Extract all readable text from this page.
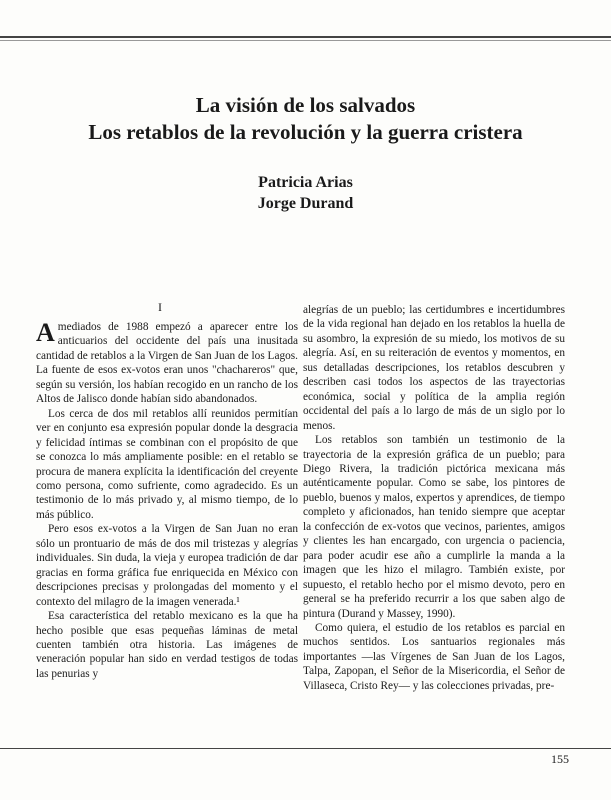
La visión de los salvados

Los retablos de la revolución y la guerra cristera

Patricia Arias
Jorge Durand
I

A mediados de 1988 empezó a aparecer entre los anticuarios del occidente del país una inusitada cantidad de retablos a la Virgen de San Juan de los Lagos. La fuente de esos ex-votos eran unos "chachareros" que, según su versión, los habían recogido en un rancho de los Altos de Jalisco donde habían sido abandonados.

Los cerca de dos mil retablos allí reunidos permitían ver en conjunto esa expresión popular donde la desgracia y felicidad íntimas se combinan con el propósito de que se conozca lo más ampliamente posible: en el retablo se procura de manera explícita la identificación del creyente como persona, como sufriente, como agradecido. Es un testimonio de lo más privado y, al mismo tiempo, de lo más público.

Pero esos ex-votos a la Virgen de San Juan no eran sólo un prontuario de más de dos mil tristezas y alegrías individuales. Sin duda, la vieja y europea tradición de dar gracias en forma gráfica fue enriquecida en México con descripciones precisas y prolongadas del momento y el contexto del milagro de la imagen venerada.¹

Esa característica del retablo mexicano es la que ha hecho posible que esas pequeñas láminas de metal cuenten también otra historia. Las imágenes de veneración popular han sido en verdad testigos de todas las penurias y

alegrías de un pueblo; las certidumbres e incertidumbres de la vida regional han dejado en los retablos la huella de su asombro, la expresión de su miedo, los motivos de su alegría. Así, en su reiteración de eventos y momentos, en sus detalladas descripciones, los retablos descubren y describen casi todos los aspectos de las trayectorias económica, social y política de la amplia región occidental del país a lo largo de más de un siglo por lo menos.

Los retablos son también un testimonio de la trayectoria de la expresión gráfica de un pueblo; para Diego Rivera, la tradición pictórica mexicana más auténticamente popular. Como se sabe, los pintores de pueblo, buenos y malos, expertos y aprendices, de tiempo completo y aficionados, han tenido siempre que aceptar la confección de ex-votos que vecinos, parientes, amigos y clientes les han encargado, con urgencia o paciencia, para poder acudir ese año a cumplirle la manda a la imagen que les hizo el milagro. También existe, por supuesto, el retablo hecho por el mismo devoto, pero en general se ha preferido recurrir a los que saben algo de pintura (Durand y Massey, 1990).

Como quiera, el estudio de los retablos es parcial en muchos sentidos. Los santuarios regionales más importantes —las Vírgenes de San Juan de los Lagos, Talpa, Zapopan, el Señor de la Misericordia, el Señor de Villaseca, Cristo Rey— y las colecciones privadas, pre-

155
